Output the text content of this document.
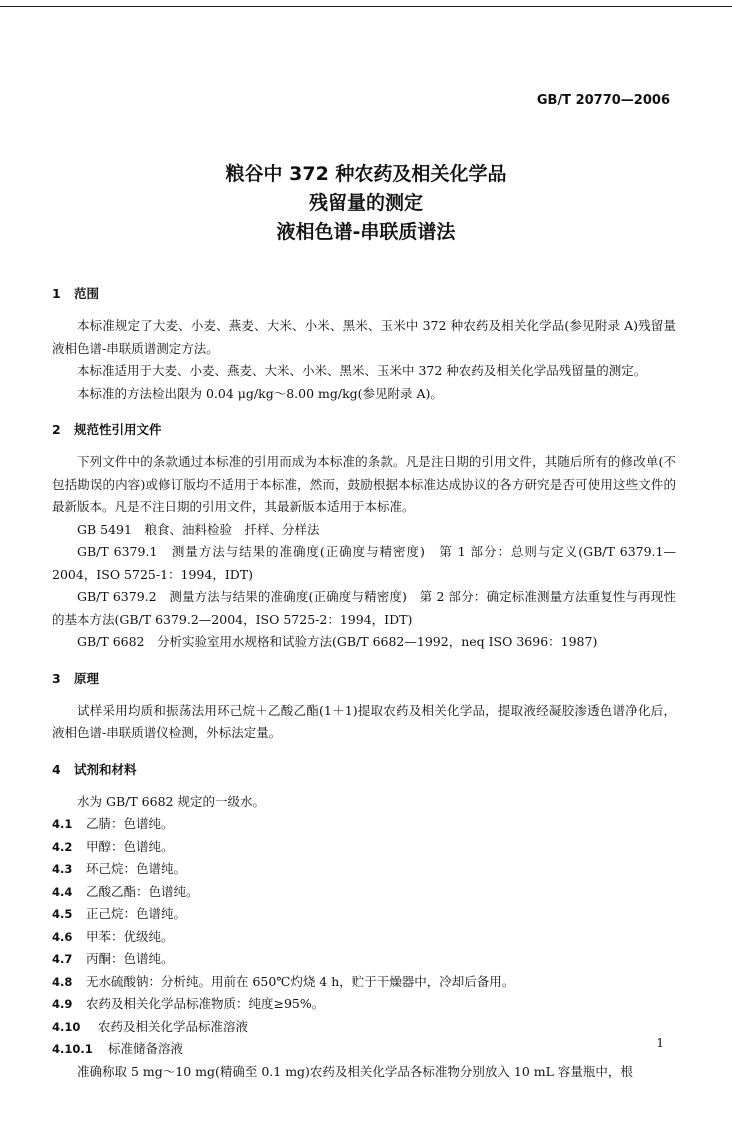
GB/T 20770—2006
粮谷中 372 种农药及相关化学品
残留量的测定
液相色谱-串联质谱法
1 范围

本标准规定了大麦、小麦、燕麦、大米、小米、黑米、玉米中 372 种农药及相关化学品(参见附录 A)残留量液相色谱-串联质谱测定方法。

本标准适用于大麦、小麦、燕麦、大米、小米、黑米、玉米中 372 种农药及相关化学品残留量的测定。

本标准的方法检出限为 0.04 μg/kg～8.00 mg/kg(参见附录 A)。

2 规范性引用文件

下列文件中的条款通过本标准的引用而成为本标准的条款。凡是注日期的引用文件，其随后所有的修改单(不包括勘误的内容)或修订版均不适用于本标准，然而，鼓励根据本标准达成协议的各方研究是否可使用这些文件的最新版本。凡是不注日期的引用文件，其最新版本适用于本标准。

GB 5491　粮食、油料检验　扦样、分样法

GB/T 6379.1　测量方法与结果的准确度(正确度与精密度)　第 1 部分：总则与定义(GB/T 6379.1—2004，ISO 5725-1：1994，IDT)

GB/T 6379.2　测量方法与结果的准确度(正确度与精密度)　第 2 部分：确定标准测量方法重复性与再现性的基本方法(GB/T 6379.2—2004，ISO 5725-2：1994，IDT)

GB/T 6682　分析实验室用水规格和试验方法(GB/T 6682—1992，neq ISO 3696：1987)

3 原理

试样采用均质和振荡法用环己烷＋乙酸乙酯(1＋1)提取农药及相关化学品，提取液经凝胶渗透色谱净化后，液相色谱-串联质谱仪检测，外标法定量。

4 试剂和材料

水为 GB/T 6682 规定的一级水。

4.1 乙腈：色谱纯。

4.2 甲醇：色谱纯。

4.3 环己烷：色谱纯。

4.4 乙酸乙酯：色谱纯。

4.5 正己烷：色谱纯。

4.6 甲苯：优级纯。

4.7 丙酮：色谱纯。

4.8 无水硫酸钠：分析纯。用前在 650℃灼烧 4 h，贮于干燥器中，冷却后备用。

4.9 农药及相关化学品标准物质：纯度≥95%。

4.10 农药及相关化学品标准溶液

4.10.1 标准储备溶液

准确称取 5 mg～10 mg(精确至 0.1 mg)农药及相关化学品各标准物分别放入 10 mL 容量瓶中，根

1
